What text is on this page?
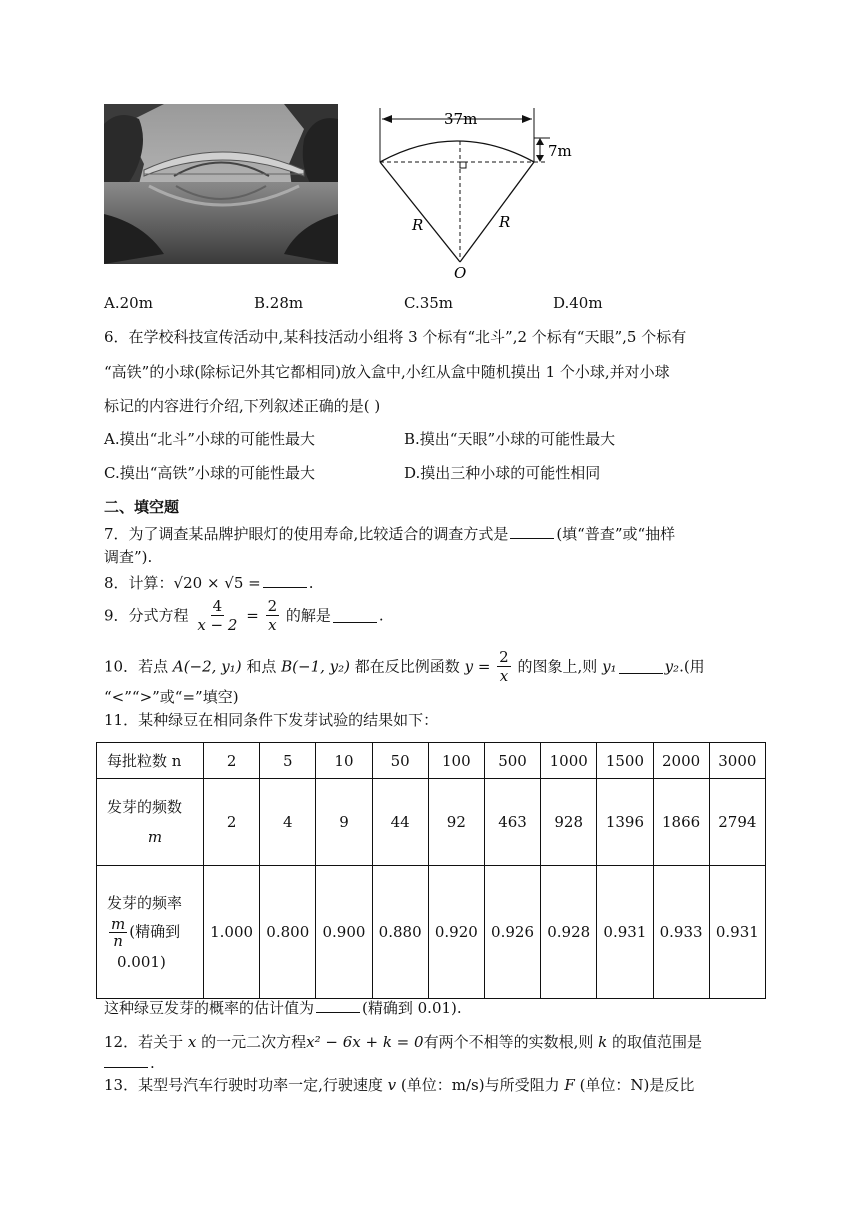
37m
7m
R	R
O
A.20m	B.28m	C.35m	D.40m
6．在学校科技宣传活动中,某科技活动小组将 3 个标有“北斗”,2 个标有“天眼”,5 个标有
“高铁”的小球(除标记外其它都相同)放入盒中,小红从盒中随机摸出 1 个小球,并对小球
标记的内容进行介绍,下列叙述正确的是( )
A.摸出“北斗”小球的可能性最大	B.摸出“天眼”小球的可能性最大
C.摸出“高铁”小球的可能性最大	D.摸出三种小球的可能性相同
二、填空题
7．为了调查某品牌护眼灯的使用寿命,比较适合的调查方式是	(填“普查”或“抽样
调查”).
8．计算：√20 × √5 =	.
9．分式方程 $\frac{4}{x - 2} = \frac{2}{x}$ 的解是	.
10．若点 A(−2, y₁) 和点 B(−1, y₂) 都在反比例函数 $y = \frac{2}{x}$ 的图象上,则 y₁	y₂.(用
“<”“>”或“=”填空)
11．某种绿豆在相同条件下发芽试验的结果如下：
每批粒数 n	2	5	10	50	100	500	1000	1500	2000	3000

发芽的频数
m	2	4	9	44	92	463	928	1396	1866	2794

发芽的频率
$\frac{m}{n}$ (精确到
0.001)	1.000	0.800	0.900	0.880	0.920	0.926	0.928	0.931	0.933	0.931
这种绿豆发芽的概率的估计值为	(精确到 0.01).
12．若关于 x 的一元二次方程x² − 6x + k = 0有两个不相等的实数根,则 k 的取值范围是
.
13．某型号汽车行驶时功率一定,行驶速度 v (单位：m/s)与所受阻力 F (单位：N)是反比
